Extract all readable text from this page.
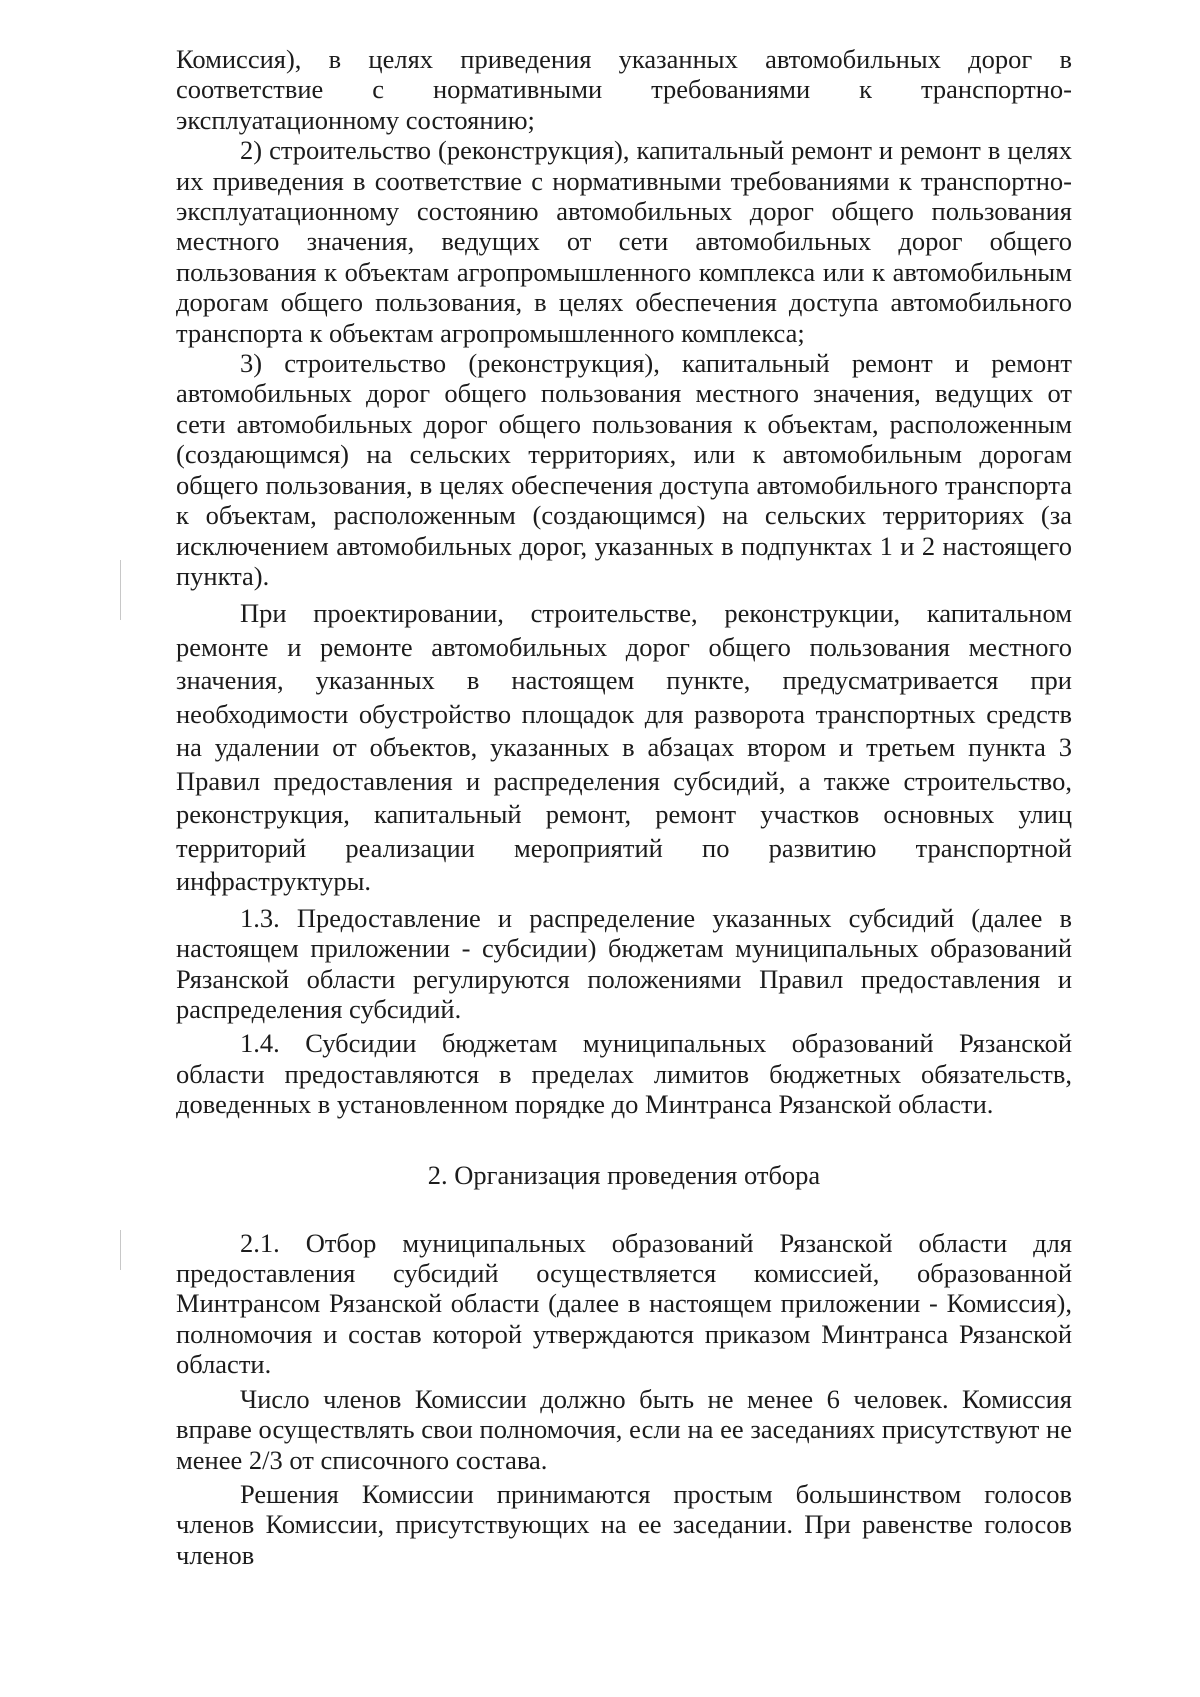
Комиссия), в целях приведения указанных автомобильных дорог в соответствие с нормативными требованиями к транспортно-эксплуатационному состоянию;

2) строительство (реконструкция), капитальный ремонт и ремонт в целях их приведения в соответствие с нормативными требованиями к транспортно-эксплуатационному состоянию автомобильных дорог общего пользования местного значения, ведущих от сети автомобильных дорог общего пользования к объектам агропромышленного комплекса или к автомобильным дорогам общего пользования, в целях обеспечения доступа автомобильного транспорта к объектам агропромышленного комплекса;

3) строительство (реконструкция), капитальный ремонт и ремонт автомобильных дорог общего пользования местного значения, ведущих от сети автомобильных дорог общего пользования к объектам, расположенным (создающимся) на сельских территориях, или к автомобильным дорогам общего пользования, в целях обеспечения доступа автомобильного транспорта к объектам, расположенным (создающимся) на сельских территориях (за исключением автомобильных дорог, указанных в подпунктах 1 и 2 настоящего пункта).

При проектировании, строительстве, реконструкции, капитальном ремонте и ремонте автомобильных дорог общего пользования местного значения, указанных в настоящем пункте, предусматривается при необходимости обустройство площадок для разворота транспортных средств на удалении от объектов, указанных в абзацах втором и третьем пункта 3 Правил предоставления и распределения субсидий, а также строительство, реконструкция, капитальный ремонт, ремонт участков основных улиц территорий реализации мероприятий по развитию транспортной инфраструктуры.

1.3. Предоставление и распределение указанных субсидий (далее в настоящем приложении - субсидии) бюджетам муниципальных образований Рязанской области регулируются положениями Правил предоставления и распределения субсидий.

1.4. Субсидии бюджетам муниципальных образований Рязанской области предоставляются в пределах лимитов бюджетных обязательств, доведенных в установленном порядке до Минтранса Рязанской области.

2. Организация проведения отбора

2.1. Отбор муниципальных образований Рязанской области для предоставления субсидий осуществляется комиссией, образованной Минтрансом Рязанской области (далее в настоящем приложении - Комиссия), полномочия и состав которой утверждаются приказом Минтранса Рязанской области.

Число членов Комиссии должно быть не менее 6 человек. Комиссия вправе осуществлять свои полномочия, если на ее заседаниях присутствуют не менее 2/3 от списочного состава.

Решения Комиссии принимаются простым большинством голосов членов Комиссии, присутствующих на ее заседании. При равенстве голосов членов
